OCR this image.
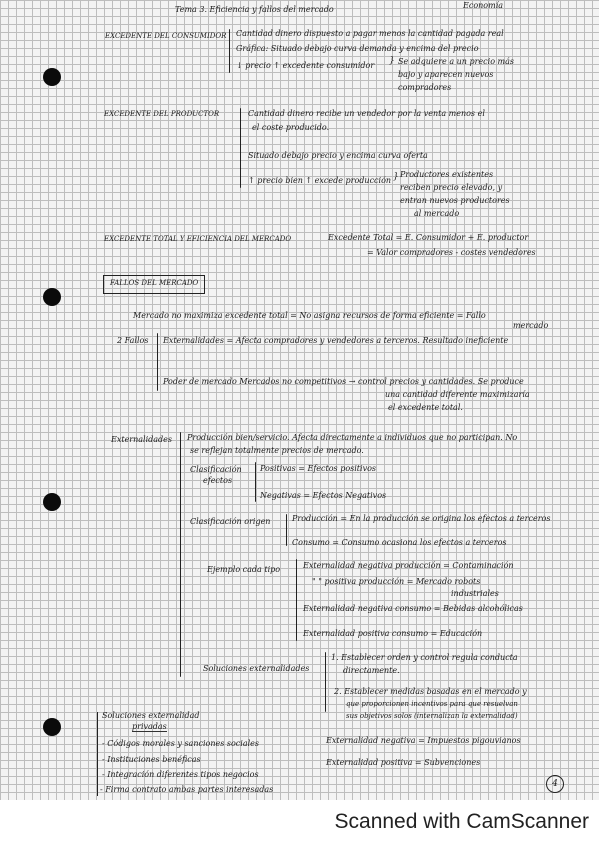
Tema 3. Eficiencia y fallos del mercado	Economía
EXCEDENTE DEL CONSUMIDOR Cantidad dinero dispuesto a pagar menos la cantidad pagada real
Gráfica: Situado debajo curva demanda y encima del precio
↓ precio ↑ excedente consumidor } Se adquiere a un precio más
bajo y aparecen nuevos
compradores
EXCEDENTE DEL PRODUCTOR	Cantidad dinero recibe un vendedor por la venta menos el
el coste producido.
Situado debajo precio y encima curva oferta
↑ precio bien ↑ excede producción } Productores existentes
reciben precio elevado, y
entran nuevos productores
al mercado
EXCEDENTE TOTAL Y EFICIENCIA DEL MERCADO	Excedente Total = E. Consumidor + E. productor
= Valor compradores - costes vendedores
FALLOS DEL MERCADO
Mercado no maximiza excedente total = No asigna recursos de forma eficiente = Fallo
mercado
2 Fallos Externalidades = Afecta compradores y vendedores a terceros. Resultado ineficiente
Poder de mercado Mercados no competitivos → control precios y cantidades. Se produce
una cantidad diferente maximizaría
el excedente total.
Externalidades Producción bien/servicio. Afecta directamente a individuos que no participan. No
se reflejan totalmente precios de mercado.
Clasificación
efectos
Positivas = Efectos positivos
Negativas = Efectos Negativos
Clasificación origen	Producción = En la producción se origina los efectos a terceros
Consumo = Consumo ocasiona los efectos a terceros
Ejemplo cada tipo	Externalidad negativa producción = Contaminación
" " positiva producción = Mercado robots
industriales
Externalidad negativa consumo = Bebidas alcohólicas
Externalidad positiva consumo = Educación
Soluciones externalidades
1. Establecer orden y control regula conducta
directamente.
2. Establecer medidas basadas en el mercado y
que proporcionen incentivos para que resuelvan
sus objetivos solos (internalizan la externalidad)
Externalidad negativa = Impuestos pigouvianos
Externalidad positiva = Subvenciones
Soluciones externalidad
privadas
- Códigos morales y sanciones sociales
- Instituciones benéficas
- Integración diferentes tipos negocios
- Firma contrato ambas partes interesadas
4
Scanned with CamScanner
